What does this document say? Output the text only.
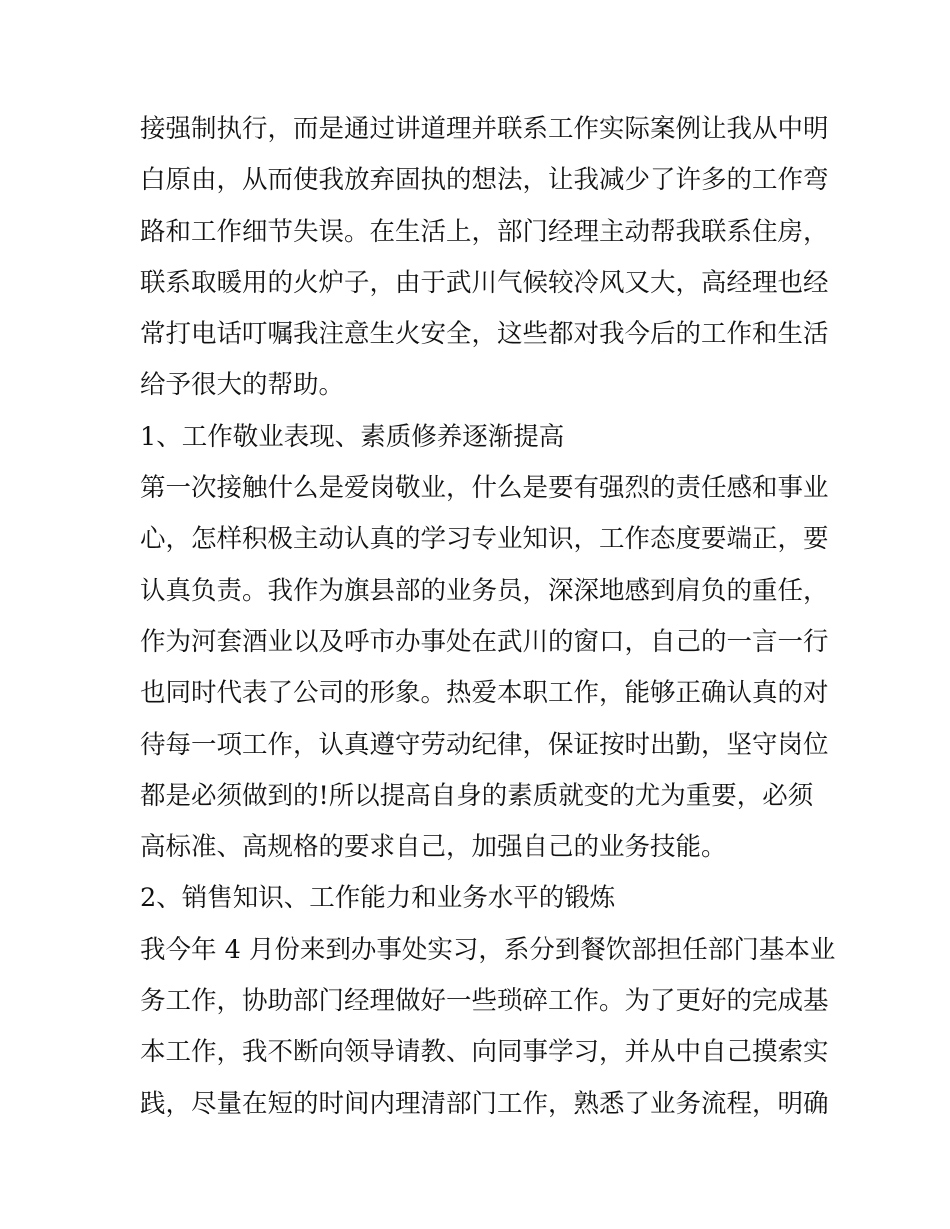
接强制执行，而是通过讲道理并联系工作实际案例让我从中明
白原由，从而使我放弃固执的想法，让我减少了许多的工作弯
路和工作细节失误。在生活上，部门经理主动帮我联系住房，
联系取暖用的火炉子，由于武川气候较冷风又大，高经理也经
常打电话叮嘱我注意生火安全，这些都对我今后的工作和生活
给予很大的帮助。
1、工作敬业表现、素质修养逐渐提高
第一次接触什么是爱岗敬业，什么是要有强烈的责任感和事业
心，怎样积极主动认真的学习专业知识，工作态度要端正，要
认真负责。我作为旗县部的业务员，深深地感到肩负的重任，
作为河套酒业以及呼市办事处在武川的窗口，自己的一言一行
也同时代表了公司的形象。热爱本职工作，能够正确认真的对
待每一项工作，认真遵守劳动纪律，保证按时出勤，坚守岗位
都是必须做到的!所以提高自身的素质就变的尤为重要，必须
高标准、高规格的要求自己，加强自己的业务技能。
2、销售知识、工作能力和业务水平的锻炼
我今年 4 月份来到办事处实习，系分到餐饮部担任部门基本业
务工作，协助部门经理做好一些琐碎工作。为了更好的完成基
本工作，我不断向领导请教、向同事学习，并从中自己摸索实
践，尽量在短的时间内理清部门工作，熟悉了业务流程，明确
